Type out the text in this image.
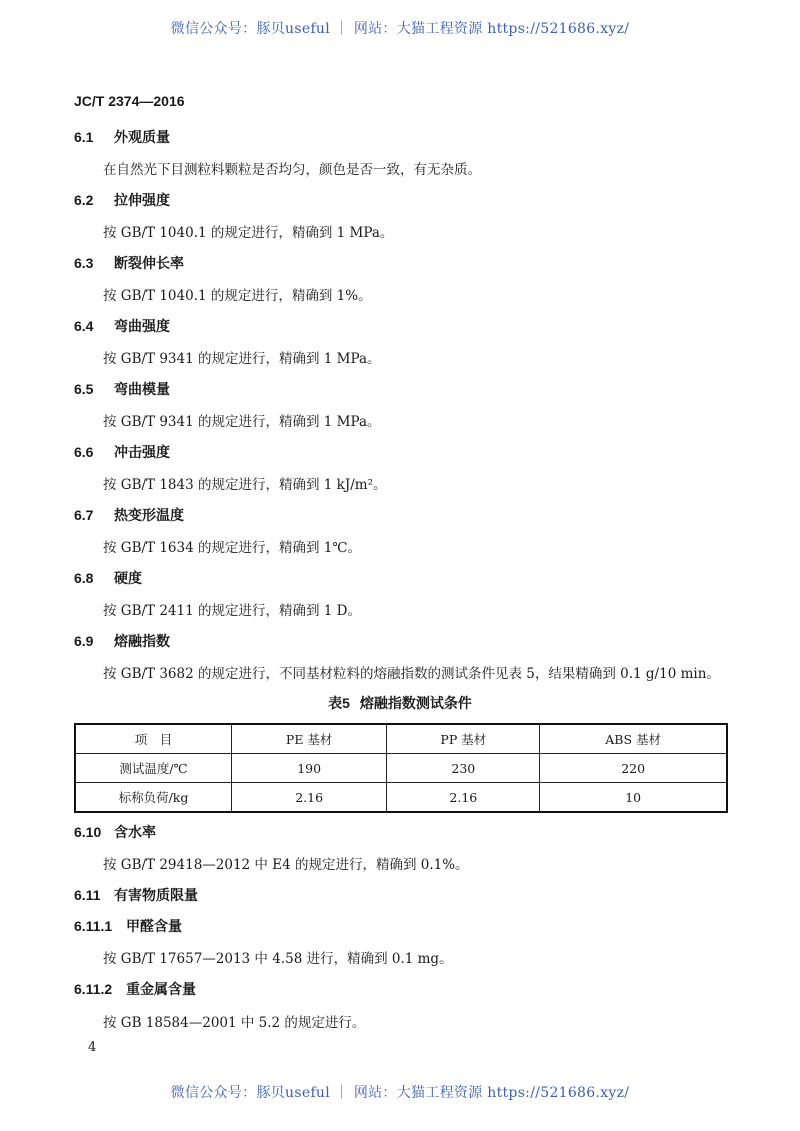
微信公众号：豚贝useful ｜ 网站：大猫工程资源 https://521686.xyz/
JC/T 2374—2016
6.1 外观质量
在自然光下目测粒料颗粒是否均匀，颜色是否一致，有无杂质。
6.2 拉伸强度
按 GB/T 1040.1 的规定进行，精确到 1 MPa。
6.3 断裂伸长率
按 GB/T 1040.1 的规定进行，精确到 1%。
6.4 弯曲强度
按 GB/T 9341 的规定进行，精确到 1 MPa。
6.5 弯曲模量
按 GB/T 9341 的规定进行，精确到 1 MPa。
6.6 冲击强度
按 GB/T 1843 的规定进行，精确到 1 kJ/m²。
6.7 热变形温度
按 GB/T 1634 的规定进行，精确到 1℃。
6.8 硬度
按 GB/T 2411 的规定进行，精确到 1 D。
6.9 熔融指数
按 GB/T 3682 的规定进行，不同基材粒料的熔融指数的测试条件见表 5，结果精确到 0.1 g/10 min。
表5 熔融指数测试条件
项　目	PE 基材	PP 基材	ABS 基材
测试温度/℃	190	230	220
标称负荷/kg	2.16	2.16	10
6.10 含水率
按 GB/T 29418—2012 中 E4 的规定进行，精确到 0.1%。
6.11 有害物质限量
6.11.1 甲醛含量
按 GB/T 17657—2013 中 4.58 进行，精确到 0.1 mg。
6.11.2 重金属含量
按 GB 18584—2001 中 5.2 的规定进行。
4
微信公众号：豚贝useful ｜ 网站：大猫工程资源 https://521686.xyz/
